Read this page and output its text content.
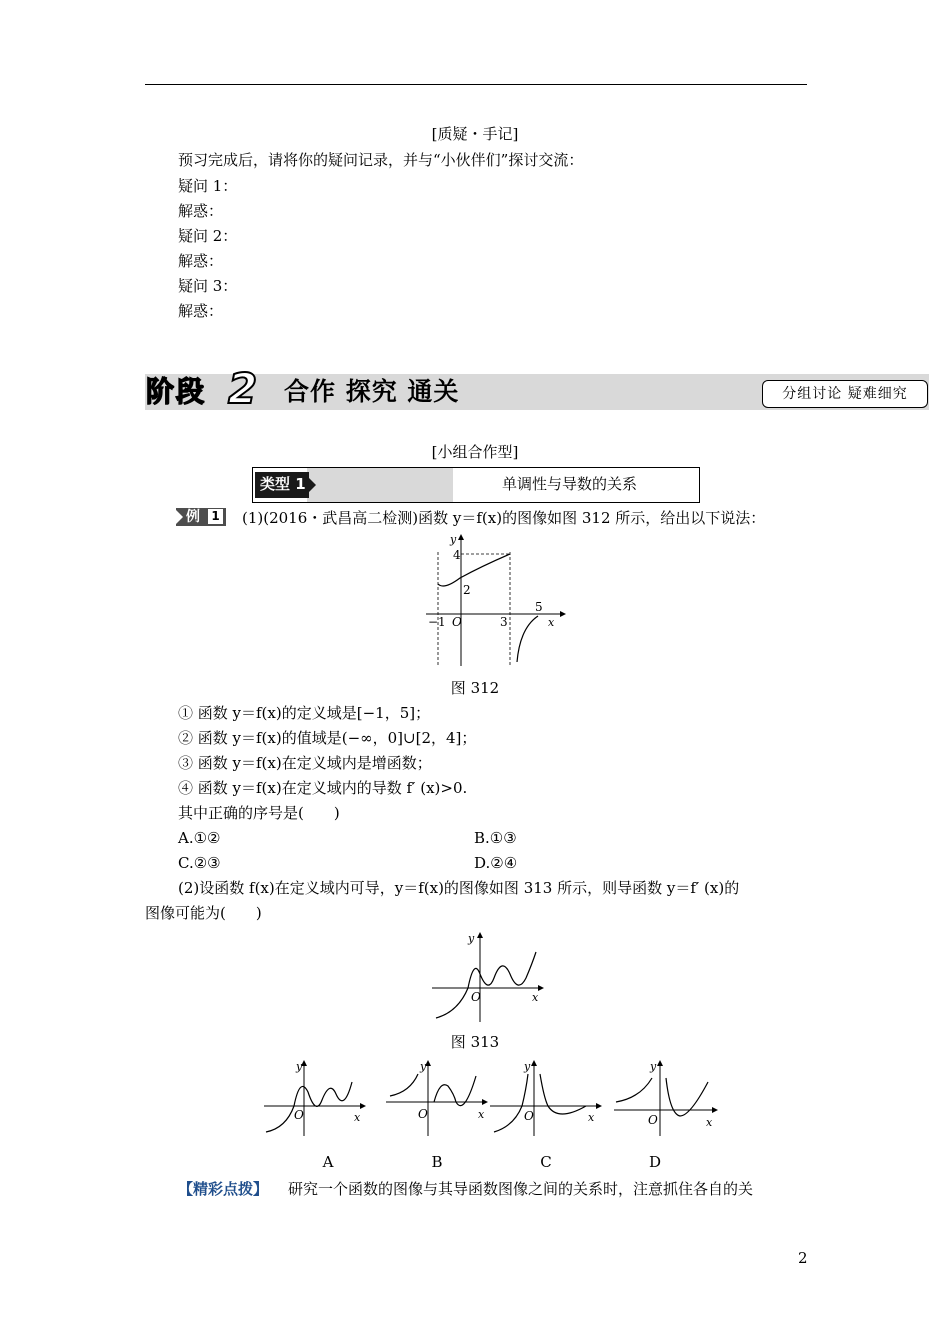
[质疑・手记]
预习完成后，请将你的疑问记录，并与“小伙伴们”探讨交流：
疑问 1：
解惑：
疑问 2：
解惑：
疑问 3：
解惑：
阶段 2 合作 探究 通关	分组讨论 疑难细究
[小组合作型]
类型 1	单调性与导数的关系
例 1 (1)(2016・武昌高二检测)函数 y＝f(x)的图像如图 312 所示，给出以下说法：
y
4
2
−1 O	3
5
x
图 312
① 函数 y＝f(x)的定义域是[−1，5]；
② 函数 y＝f(x)的值域是(−∞，0]∪[2，4]；
③ 函数 y＝f(x)在定义域内是增函数；
④ 函数 y＝f(x)在定义域内的导数 f′ (x)>0.
其中正确的序号是(　　)
A.①②	B.①③
C.②③	D.②④
(2)设函数 f(x)在定义域内可导，y＝f(x)的图像如图 313 所示，则导函数 y＝f′ (x)的
图像可能为(　　)
y
O	x
图 313
y
O	x
y
O	x
y
O	x
y
O	x
A	B	C	D
【精彩点拨】 研究一个函数的图像与其导函数图像之间的关系时，注意抓住各自的关
2
